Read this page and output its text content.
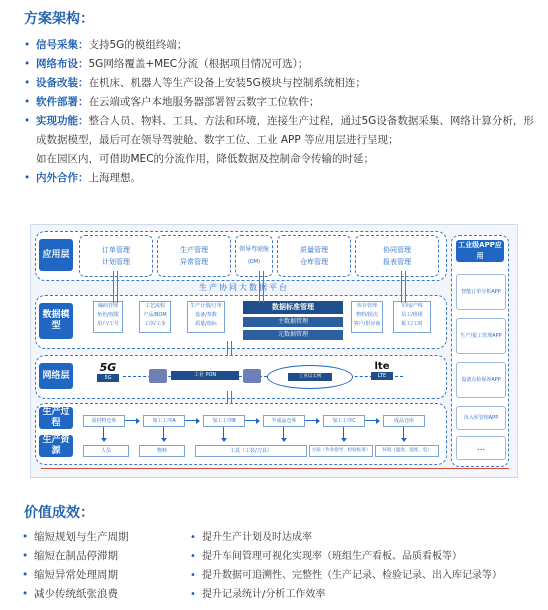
方案架构：
• 信号采集：支持5G的模组终端；
• 网络布设：5G网络覆盖+MEC分流（根据项目情况可选）；
• 设备改装：在机床、机器人等生产设备上安装5G模块与控制系统相连；
• 软件部署：在云端或客户本地服务器部署智云数字工位软件；
• 实现功能：整合人员、物料、工具、方法和环境，连接生产过程，通过5G设备数据采集、网络计算分析，形成数据模型，最后可在领导驾驶舱、数字工位、工业 APP 等应用层进行呈现；
如在园区内，可借助MEC的分流作用，降低数据及控制命令传输的时延；
• 内外合作：上海理想。
应用层	订单管理
计划管理
生产管理
异常管理
领导驾驶舱
(DM)
质量管理
仓库管理
协同管理
报表管理
生产协同大数据平台
数据模型
编码管理
角色/权限
用户/工号
工艺流程
产品/BOM
工序/工步
生产计划/订单
设备/参数
质量/指标
数据标准管理
主数据管理
元数据管理
库存管理
物料/批次
客户/供应商
车间/产线
员工/班组
报工/工时
网络层
5G
5G	工业 PON	工业以太网
lte
LTE
生产过程
生产资源
原材料仓库	加工工序A	加工工序B	半成品仓库	加工工序C	成品仓库
人员	物料	工具（工装/刀具）	方法（作业指导、检验标准）	环境（温度、湿度、电）
工业级APP应用
智能订单分析APP
生产/报工管理APP
设备点检保养APP
出入库管理APP
...
价值成效：
• 缩短规划与生产周期
• 缩短在制品停滞期
• 缩短异常处理周期
• 减少传统纸张浪费
• 提升生产计划及时达成率
• 提升车间管理可视化实现率（班组生产看板、品质看板等）
• 提升数据可追溯性、完整性（生产记录、检验记录、出入库记录等）
• 提升记录统计/分析工作效率
